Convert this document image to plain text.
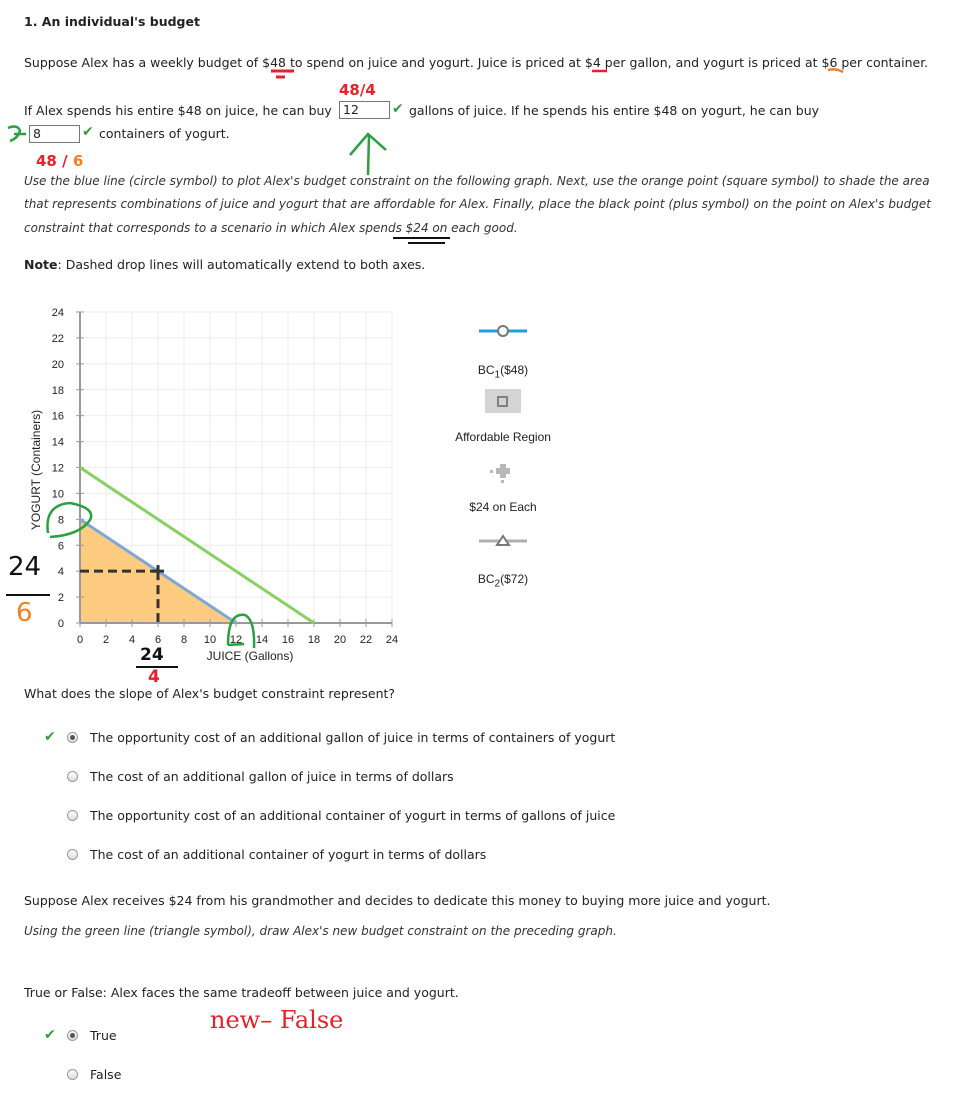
1. An individual's budget
Suppose Alex has a weekly budget of $48 to spend on juice and yogurt. Juice is priced at $4 per gallon, and yogurt is priced at $6 per container.
If Alex spends his entire $48 on juice, he can buy 12	✔ gallons of juice. If he spends his entire $48 on yogurt, he can buy
8	✔ containers of yogurt.
Use the blue line (circle symbol) to plot Alex's budget constraint on the following graph. Next, use the orange point (square symbol) to shade the area
that represents combinations of juice and yogurt that are affordable for Alex. Finally, place the black point (plus symbol) on the point on Alex's budget
constraint that corresponds to a scenario in which Alex spends $24 on each good.
Note: Dashed drop lines will automatically extend to both axes.
48/4
48 / 6
0 2 4 6 8 10 12 14 16 18 20 22 24
0
2
4
6
8
10
12
14
16
18
20
22
24
JUICE (Gallons)
YOGURT (Containers)
$BC_1(\$48)$
Affordable Region
$24 on Each
$BC_2(\$72)$
24
6
24
4
What does the slope of Alex's budget constraint represent?
✔	The opportunity cost of an additional gallon of juice in terms of containers of yogurt
The cost of an additional gallon of juice in terms of dollars
The opportunity cost of an additional container of yogurt in terms of gallons of juice
The cost of an additional container of yogurt in terms of dollars
Suppose Alex receives $24 from his grandmother and decides to dedicate this money to buying more juice and yogurt.
Using the green line (triangle symbol), draw Alex's new budget constraint on the preceding graph.
True or False: Alex faces the same tradeoff between juice and yogurt.
✔	True
False
new– False
